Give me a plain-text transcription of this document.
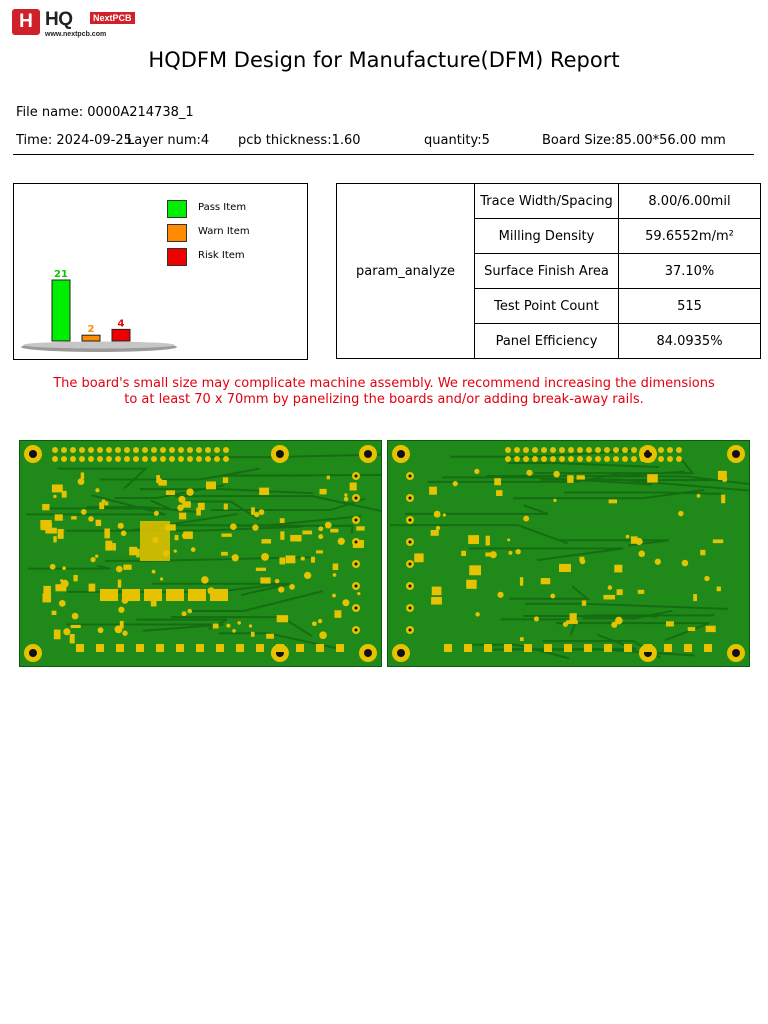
H HQ	NextPCB
www.nextpcb.com
HQDFM Design for Manufacture(DFM) Report
File name: 0000A214738_1
Time: 2024-09-25
Layer num:4 pcb thickness:1.60	quantity:5	Board Size:85.00*56.00 mm
21
2
4
Pass Item
Warn Item
Risk Item
param_analyze	Trace Width/Spacing	8.00/6.00mil
	Milling Density	59.6552m/m²
	Surface Finish Area	37.10%
	Test Point Count	515
	Panel Efficiency	84.0935%
The board's small size may complicate machine assembly. We recommend increasing the dimensions
to at least 70 x 70mm by panelizing the boards and/or adding break-away rails.
